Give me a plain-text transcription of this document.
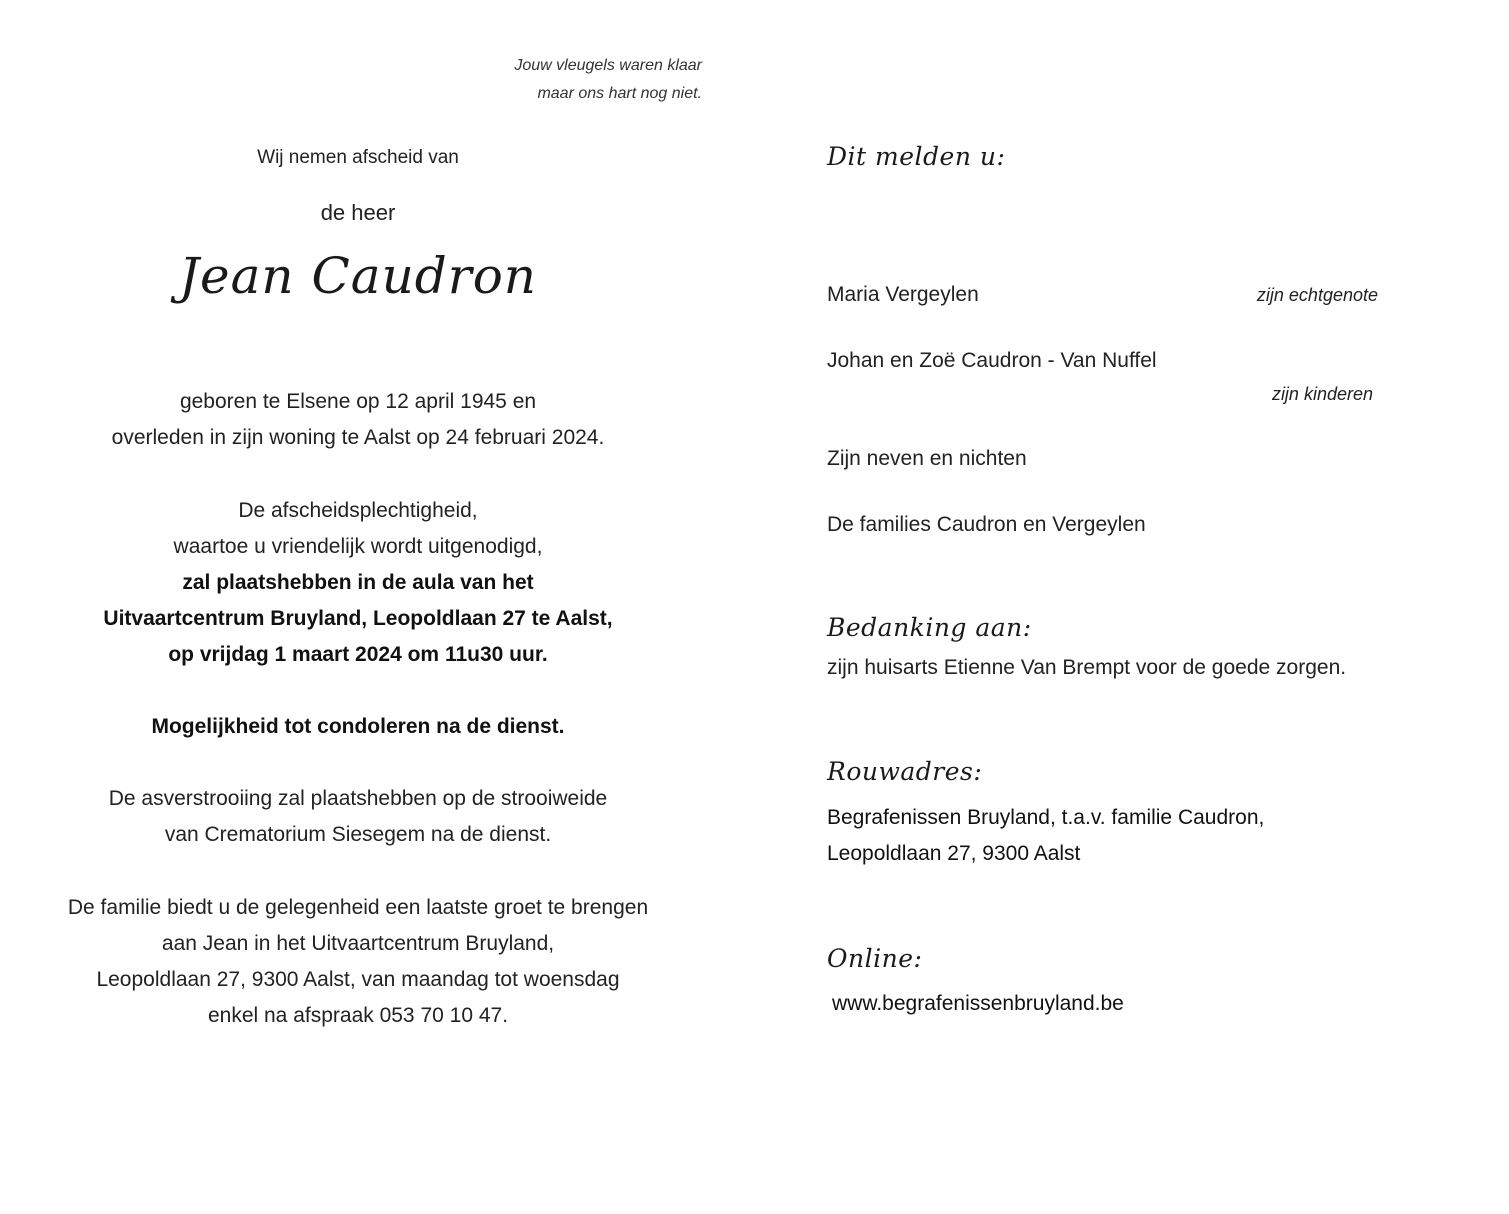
Jouw vleugels waren klaar
maar ons hart nog niet.
Wij nemen afscheid van
de heer
Jean Caudron
geboren te Elsene op 12 april 1945 en
overleden in zijn woning te Aalst op 24 februari 2024.
De afscheidsplechtigheid,
waartoe u vriendelijk wordt uitgenodigd,
zal plaatshebben in de aula van het
Uitvaartcentrum Bruyland, Leopoldlaan 27 te Aalst,
op vrijdag 1 maart 2024 om 11u30 uur.
Mogelijkheid tot condoleren na de dienst.
De asverstrooiing zal plaatshebben op de strooiweide
van Crematorium Siesegem na de dienst.
De familie biedt u de gelegenheid een laatste groet te brengen
aan Jean in het Uitvaartcentrum Bruyland,
Leopoldlaan 27, 9300 Aalst, van maandag tot woensdag
enkel na afspraak 053 70 10 47.
Dit melden u:
Maria Vergeylen	zijn echtgenote
Johan en Zoë Caudron - Van Nuffel
zijn kinderen
Zijn neven en nichten
De families Caudron en Vergeylen
Bedanking aan:
zijn huisarts Etienne Van Brempt voor de goede zorgen.
Rouwadres:
Begrafenissen Bruyland, t.a.v. familie Caudron,
Leopoldlaan 27, 9300 Aalst
Online:
www.begrafenissenbruyland.be
